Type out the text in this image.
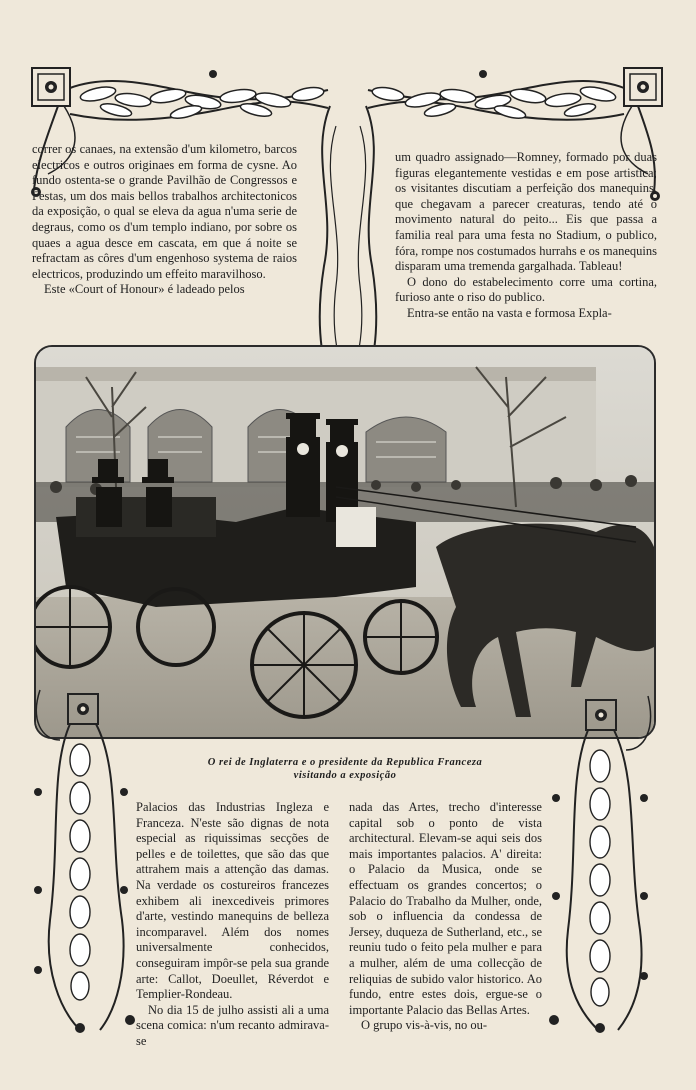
correr os canaes, na extensão d'um kilometro, barcos electricos e outros originaes em forma de cysne. Ao fundo ostenta-se o grande Pavilhão de Congressos e Festas, um dos mais bellos trabalhos architectonicos da exposição, o qual se eleva da agua n'uma serie de degraus, como os d'um templo indiano, por sobre os quaes a agua desce em cascata, em que á noite se refractam as côres d'um engenhoso systema de raios electricos, produzindo um effeito maravilhoso.

Este «Court of Honour» é ladeado pelos

um quadro assignado—Romney, formado por duas figuras elegantemente vestidas e em pose artistica; os visitantes discutiam a perfeição dos manequins, que chegavam a parecer creaturas, tendo até o movimento natural do peito... Eis que passa a familia real para uma festa no Stadium, o publico, fóra, rompe nos costumados hurrahs e os manequins disparam uma tremenda gargalhada. Tableau!

O dono do estabelecimento corre uma cortina, furioso ante o riso do publico.

Entra-se então na vasta e formosa Expla-

O rei de Inglaterra e o presidente da Republica Franceza
visitando a exposição

Palacios das Industrias Ingleza e Franceza. N'este são dignas de nota especial as riquissimas secções de pelles e de toilettes, que são das que attrahem mais a attenção das damas. Na verdade os costureiros francezes exhibem ali inexcediveis primores d'arte, vestindo manequins de belleza incomparavel. Além dos nomes universalmente conhecidos, conseguiram impôr-se pela sua grande arte: Callot, Doeullet, Réverdot e Templier-Rondeau.

No dia 15 de julho assisti ali a uma scena comica: n'um recanto admirava-se

nada das Artes, trecho d'interesse capital sob o ponto de vista architectural. Elevam-se aqui seis dos mais importantes palacios. A' direita: o Palacio da Musica, onde se effectuam os grandes concertos; o Palacio do Trabalho da Mulher, onde, sob o influencia da condessa de Jersey, duqueza de Sutherland, etc., se reuniu tudo o feito pela mulher e para a mulher, além de uma collecção de reliquias de subido valor historico. Ao fundo, entre estes dois, ergue-se o importante Palacio das Bellas Artes.

O grupo vis-à-vis, no ou-
